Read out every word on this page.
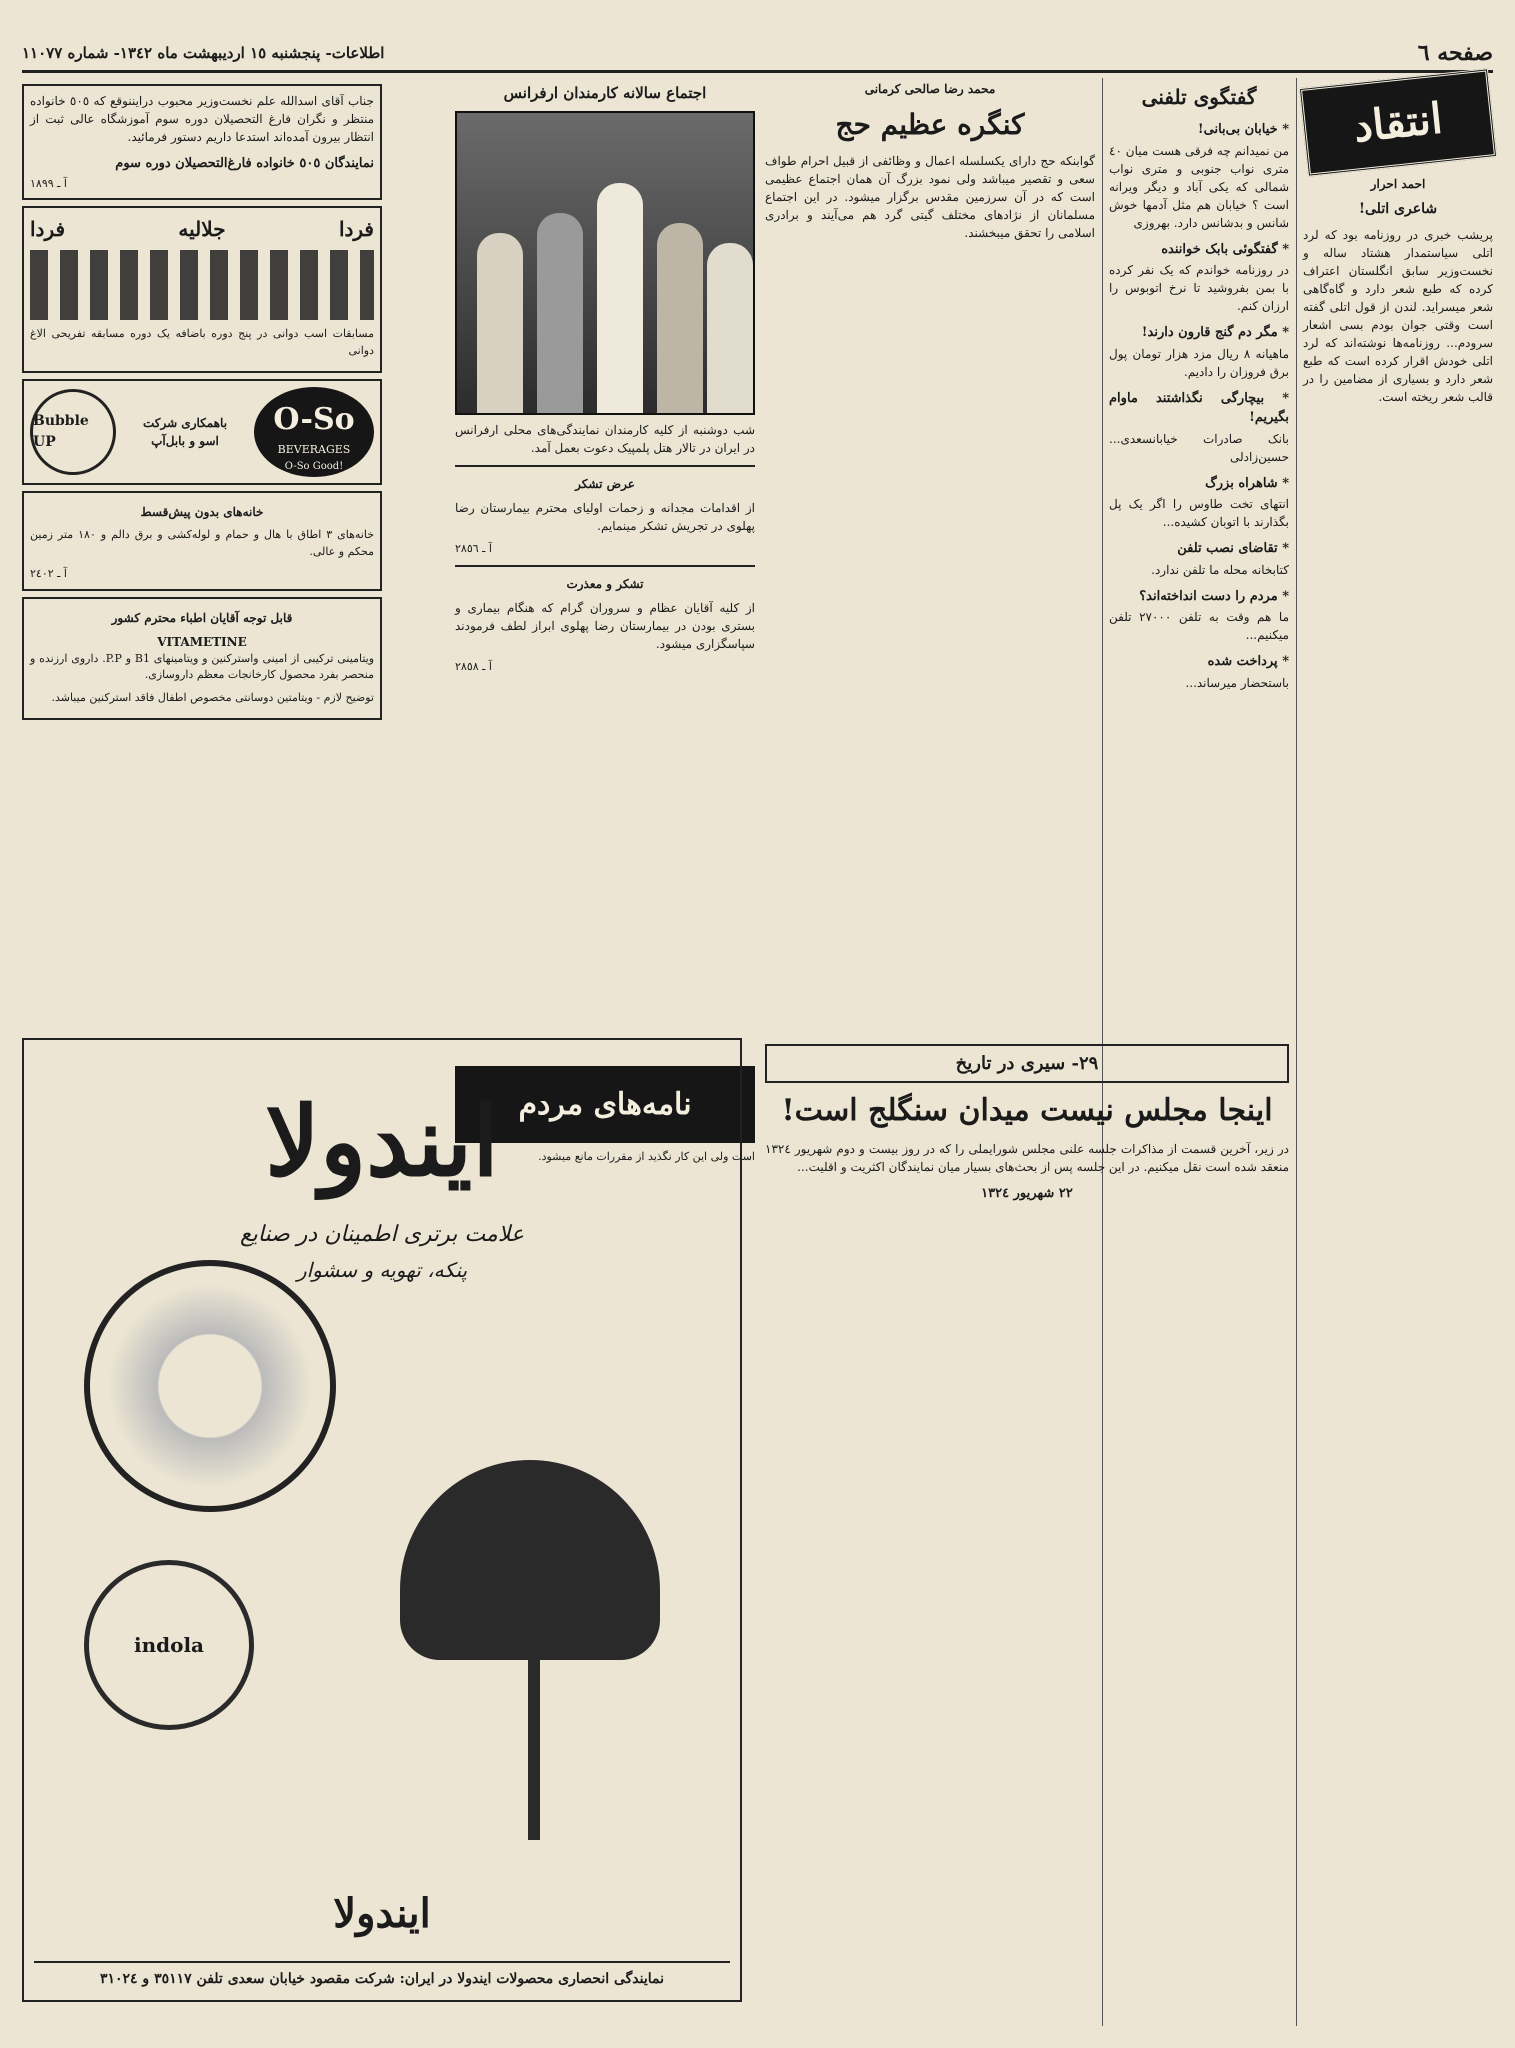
صفحه ٦
اطلاعات- پنجشنبه ١٥ اردیبهشت ماه ١٣٤٢- شماره ١١٠٧٧
انتقاد
احمد احرار
شاعری اتلی!

پریشب خبری در روزنامه بود که لرد اتلی سیاستمدار هشتاد ساله و نخست‌وزیر سابق انگلستان اعتراف کرده که طبع شعر دارد و گاه‌گاهی شعر میسراید. لندن از قول اتلی گفته است وقتی جوان بودم بسی اشعار سرودم... روزنامه‌ها نوشته‌اند که لرد اتلی خودش اقرار کرده است که طبع شعر دارد و بسیاری از مضامین را در قالب شعر ریخته است.

گفتگوی تلفنی
* خیابان بی‌بانی!

من نمیدانم چه فرقی هست میان ٤٠ متری نواب جنوبی و مترى نواب شمالی که یکی آباد و دیگر ویرانه است ؟ خیابان هم مثل آدمها خوش شانس و بدشانس دارد. بهروزی

* گفتگوئی بابک خواننده

در روزنامه خواندم که یک نفر کرده با بمن بفروشید تا نرخ اتوبوس را ارزان کنم.

* مگر دم گنج قارون دارند!

ماهیانه ٨ ریال مزد هزار تومان پول برق فروزان را دادیم.

* بیچارگی نگذاشتند ماوام بگیریم!

بانک صادرات خیابانسعدی... حسین‌زادلی

* شاهراه بزرگ

انتهای تخت طاوس را اگر یک پل بگذارند با اتوبان کشیده...

* تقاضای نصب تلفن

کتابخانه محله ما تلفن ندارد.

* مردم را دست انداخته‌اند؟

ما هم وقت به تلفن ٢٧٠٠٠ تلفن میکنیم...

* پرداخت شده

باستحضار میرساند...

محمد رضا صالحی کرمانی
کنگره عظیم حج

گوابنکه حج دارای یکسلسله اعمال و وظائفی از قبیل احرام طواف سعی و تقصیر میباشد ولی نمود بزرگ آن همان اجتماع عظیمی است که در آن سرزمین مقدس برگزار میشود. در این اجتماع مسلمانان از نژادهای مختلف گیتی گرد هم می‌آیند و برادری اسلامی را تحقق میبخشند.

اجتماع سالانه کارمندان ارفرانس

شب دوشنبه از کلیه کارمندان نمایندگی‌های محلی ارفرانس در ایران در تالار هتل پلمپیک دعوت بعمل آمد.

عرض تشکر

از اقدامات مجدانه و زحمات اولیای محترم بیمارستان رضا پهلوی در تجریش تشکر مینمایم.

آ ـ ٢٨٥٦
تشکر و معذرت

از کلیه آقایان عظام و سروران گرام که هنگام بیماری و بستری بودن در بیمارستان رضا پهلوی ابراز لطف فرمودند سپاسگزاری میشود.

آ ـ ٢٨٥٨
نامه‌های مردم

است ولی این کار نگذید از مقررات مانع میشود.

٢٩- سیری در تاریخ
اینجا مجلس نیست میدان سنگلج است!

در زیر، آخرین قسمت از مذاکرات جلسه علنی مجلس شورایملی را که در روز بیست و دوم شهریور ١٣٢٤ منعقد شده است نقل میکنیم. در این جلسه پس از بحث‌های بسیار میان نمایندگان اکثریت و اقلیت...

٢٢ شهریور ١٣٢٤

جناب آقای اسدالله علم نخست‌وزیر محبوب درایننوقع که ٥٠٥ خانواده منتظر و نگران فارغ التحصیلان دوره سوم آموزشگاه عالی ثبت از انتظار بیرون آمده‌اند استدعا داریم دستور فرمائید.

نمایندگان ٥٠٥ خانواده فارغ‌التحصیلان دوره سوم
آ ـ ١٨٩٩
فردا
جلالیه
فردا

مسابقات اسب دوانی در پنج دوره باضافه یک دوره مسابقه تفریحی الاغ دوانی

O-So
BEVERAGES
O-So Good!
باهمکاری شرکت اسو و بابل‌آپ
Bubble UP
خانه‌های بدون پیش‌قسط

خانه‌های ٣ اطاق با هال و حمام و لوله‌کشی و برق دالم و ١٨٠ متر زمین محکم و عالی.

آ ـ ٢٤٠٢
قابل توجه آقایان اطباء محترم کشور
VITAMETINE

ویتامینی ترکیبی از امینی واسترکنین و ویتامینهای B1 و P.P. داروی ارزنده و منحصر بفرد محصول کارخانجات معظم داروسازی.

توضیح لازم - ویتامتین دوسانتی مخصوص اطفال فاقد استرکنین میباشد.

ایندولا
علامت برتری اطمینان در صنایع
پنکه، تهویه و سشوار
indola
ایندولا
نمایندگی انحصاری محصولات ایندولا در ایران: شرکت مقصود خیابان سعدی تلفن ٣٥١١٧ و ٣١٠٢٤
